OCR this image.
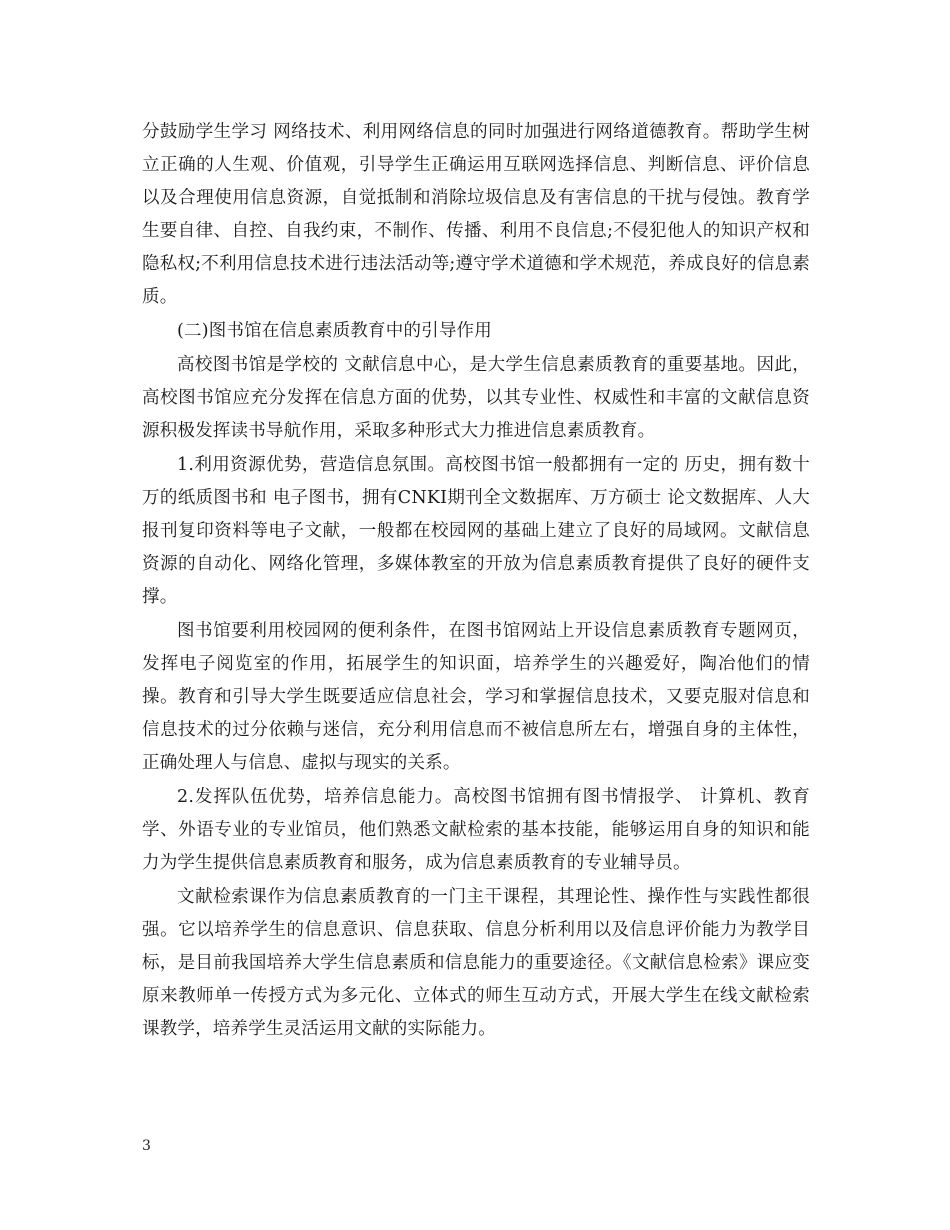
分鼓励学生学习 网络技术、利用网络信息的同时加强进行网络道德教育。帮助学生树立正确的人生观、价值观，引导学生正确运用互联网选择信息、判断信息、评价信息以及合理使用信息资源，自觉抵制和消除垃圾信息及有害信息的干扰与侵蚀。教育学生要自律、自控、自我约束，不制作、传播、利用不良信息;不侵犯他人的知识产权和隐私权;不利用信息技术进行违法活动等;遵守学术道德和学术规范，养成良好的信息素质。

(二)图书馆在信息素质教育中的引导作用

高校图书馆是学校的 文献信息中心，是大学生信息素质教育的重要基地。因此，高校图书馆应充分发挥在信息方面的优势，以其专业性、权威性和丰富的文献信息资源积极发挥读书导航作用，采取多种形式大力推进信息素质教育。

1.利用资源优势，营造信息氛围。高校图书馆一般都拥有一定的 历史，拥有数十万的纸质图书和 电子图书，拥有CNKI期刊全文数据库、万方硕士 论文数据库、人大报刊复印资料等电子文献，一般都在校园网的基础上建立了良好的局域网。文献信息资源的自动化、网络化管理，多媒体教室的开放为信息素质教育提供了良好的硬件支撑。

图书馆要利用校园网的便利条件，在图书馆网站上开设信息素质教育专题网页，发挥电子阅览室的作用，拓展学生的知识面，培养学生的兴趣爱好，陶冶他们的情操。教育和引导大学生既要适应信息社会，学习和掌握信息技术，又要克服对信息和信息技术的过分依赖与迷信，充分利用信息而不被信息所左右，增强自身的主体性，正确处理人与信息、虚拟与现实的关系。

2.发挥队伍优势，培养信息能力。高校图书馆拥有图书情报学、 计算机、教育学、外语专业的专业馆员，他们熟悉文献检索的基本技能，能够运用自身的知识和能力为学生提供信息素质教育和服务，成为信息素质教育的专业辅导员。

文献检索课作为信息素质教育的一门主干课程，其理论性、操作性与实践性都很强。它以培养学生的信息意识、信息获取、信息分析利用以及信息评价能力为教学目标，是目前我国培养大学生信息素质和信息能力的重要途径。《文献信息检索》课应变原来教师单一传授方式为多元化、立体式的师生互动方式，开展大学生在线文献检索课教学，培养学生灵活运用文献的实际能力。

3
